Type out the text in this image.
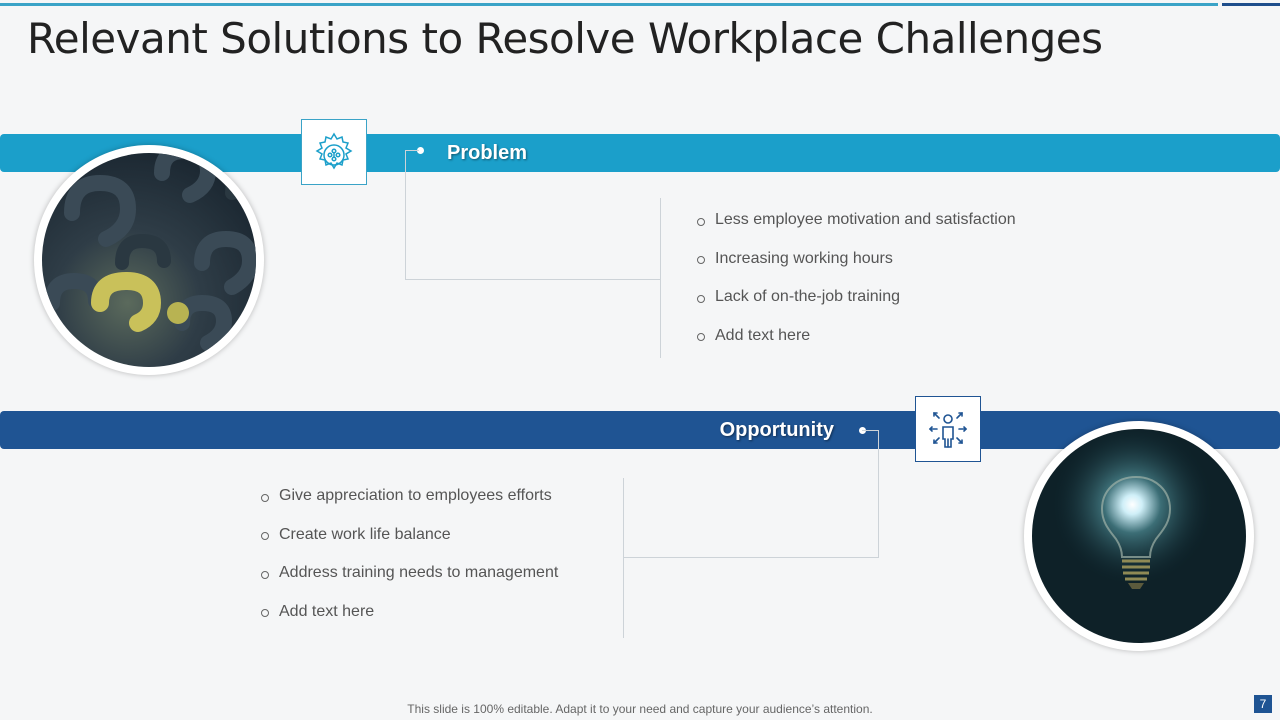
Relevant Solutions to Resolve Workplace Challenges
Problem
Less employee motivation and satisfaction
Increasing working hours
Lack of on-the-job training
Add text here
Opportunity
Give appreciation to employees efforts
Create work life balance
Address training needs to management
Add text here
This slide is 100% editable. Adapt it to your need and capture your audience’s attention.	7
